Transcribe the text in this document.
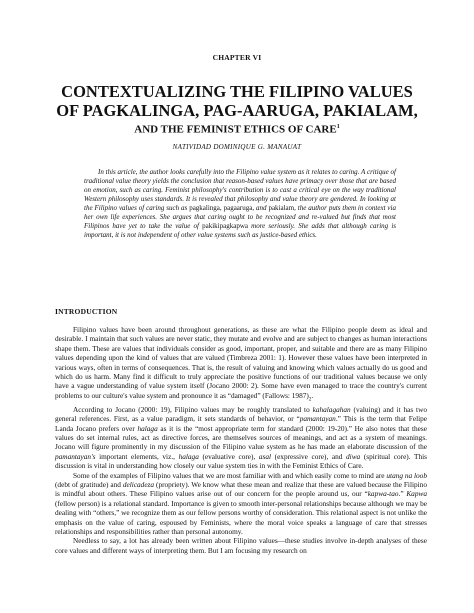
CHAPTER VI
CONTEXTUALIZING THE FILIPINO VALUES
OF PAGKALINGA, PAG-AARUGA, PAKIALAM,
AND THE FEMINIST ETHICS OF CARE$^1$
NATIVIDAD DOMINIQUE G. MANAUAT

In this article, the author looks carefully into the Filipino value system as it relates to caring. A critique of traditional value theory yields the conclusion that reason-based values have primacy over those that are based on emotion, such as caring. Feminist philosophy's contribution is to cast a critical eye on the way traditional Western philosophy uses standards. It is revealed that philosophy and value theory are gendered. In looking at the Filipino values of caring such as pagkalinga, pagaaruga, and pakialam, the author puts them in context via her own life experiences. She argues that caring ought to be recognized and re-valued but finds that most Filipinos have yet to take the value of pakikipagkapwa more seriously. She adds that although caring is important, it is not independent of other value systems such as justice-based ethics.

INTRODUCTION

Filipino values have been around throughout generations, as these are what the Filipino people deem as ideal and desirable. I maintain that such values are never static, they mutate and evolve and are subject to changes as human interactions shape them. These are values that individuals consider as good, important, proper, and suitable and there are as many Filipino values depending upon the kind of values that are valued (Timbreza 2001: 1). However these values have been interpreted in various ways, often in terms of consequences. That is, the result of valuing and knowing which values actually do us good and which do us harm. Many find it difficult to truly appreciate the positive functions of our traditional values because we only have a vague understanding of value system itself (Jocano 2000: 2). Some have even managed to trace the country's current problems to our culture's value system and pronounce it as “damaged” (Fallows: $1987)_2$.

According to Jocano (2000: 19), Filipino values may be roughly translated to kahalagahan (valuing) and it has two general references. First, as a value paradigm, it sets standards of behavior, or “pamantayan.” This is the term that Felipe Landa Jocano prefers over halaga as it is the “most appropriate term for standard (2000: 19-20).” He also notes that these values do set internal rules, act as directive forces, are themselves sources of meanings, and act as a system of meanings. Jocano will figure prominently in my discussion of the Filipino value system as he has made an elaborate discussion of the pamantayan's important elements, viz., halaga (evaluative core), asal (expressive core), and diwa (spiritual core). This discussion is vital in understanding how closely our value system ties in with the Feminist Ethics of Care.

Some of the examples of Filipino values that we are most familiar with and which easily come to mind are utang na loob (debt of gratitude) and delicadeza (propriety). We know what these mean and realize that these are valued because the Filipino is mindful about others. These Filipino values arise out of our concern for the people around us, our “kapwa-tao.” Kapwa (fellow person) is a relational standard. Importance is given to smooth inter-personal relationships because although we may be dealing with “others,” we recognize them as our fellow persons worthy of consideration. This relational aspect is not unlike the emphasis on the value of caring, espoused by Feminists, where the moral voice speaks a language of care that stresses relationships and responsibilities rather than personal autonomy.

Needless to say, a lot has already been written about Filipino values—these studies involve in-depth analyses of these core values and different ways of interpreting them. But I am focusing my research on
